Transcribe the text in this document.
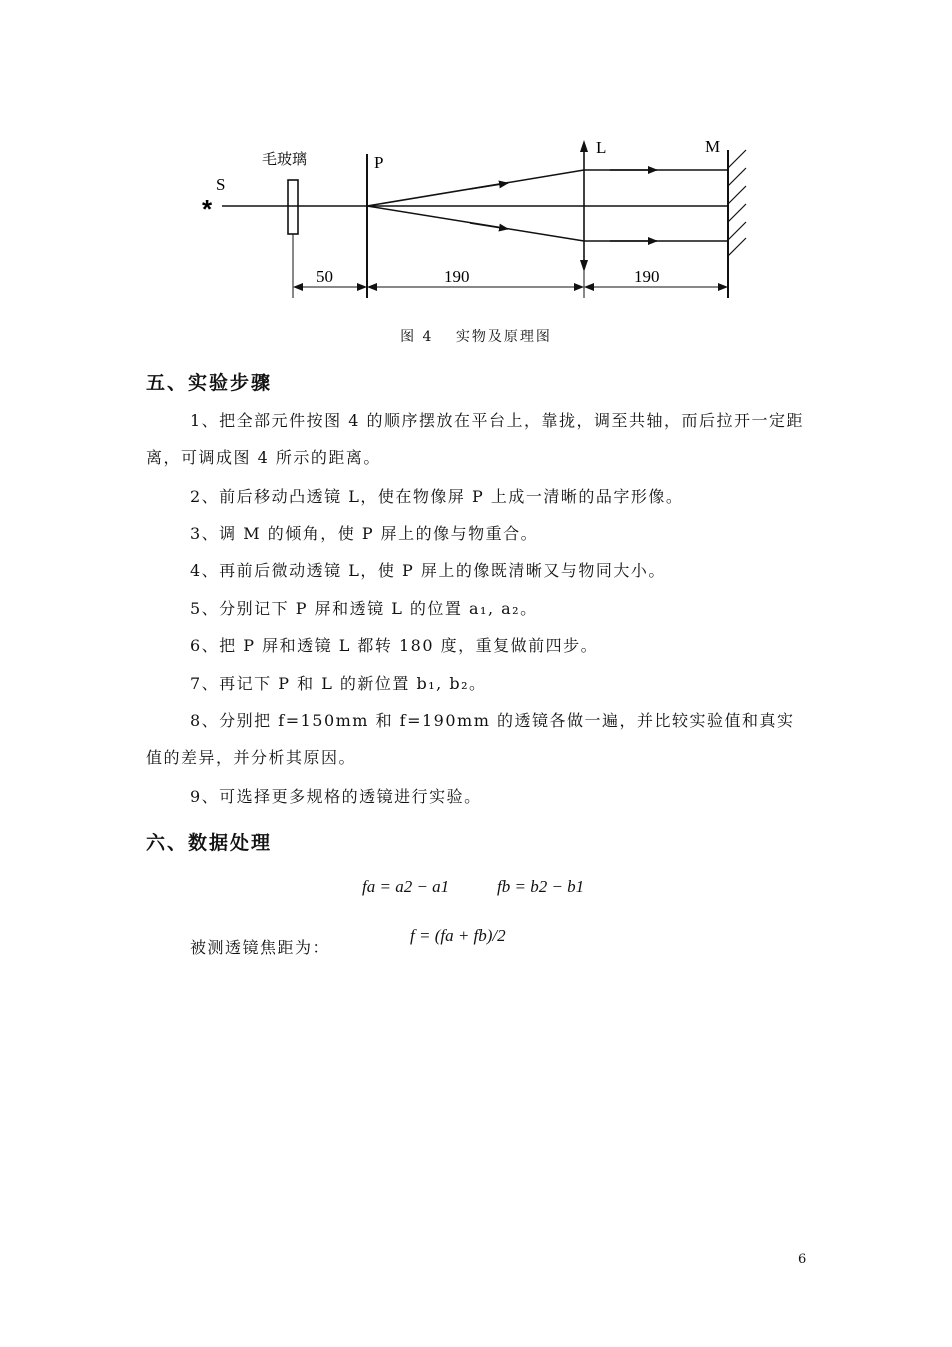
S
*
毛玻璃	P
L	M
50	190	190
图 4　 实物及原理图
五、实验步骤

1、把全部元件按图 4 的顺序摆放在平台上，靠拢，调至共轴，而后拉开一定距离，可调成图 4 所示的距离。

2、前后移动凸透镜 L，使在物像屏 P 上成一清晰的品字形像。

3、调 M 的倾角，使 P 屏上的像与物重合。

4、再前后微动透镜 L，使 P 屏上的像既清晰又与物同大小。

5、分别记下 P 屏和透镜 L 的位置 a₁, a₂。

6、把 P 屏和透镜 L 都转 180 度，重复做前四步。

7、再记下 P 和 L 的新位置 b₁, b₂。

8、分别把 f=150mm 和 f=190mm 的透镜各做一遍，并比较实验值和真实值的差异，并分析其原因。

9、可选择更多规格的透镜进行实验。

六、数据处理
fa = a2 − a1	fb = b2 − b1
被测透镜焦距为：
f = (fa + fb)/2
6
